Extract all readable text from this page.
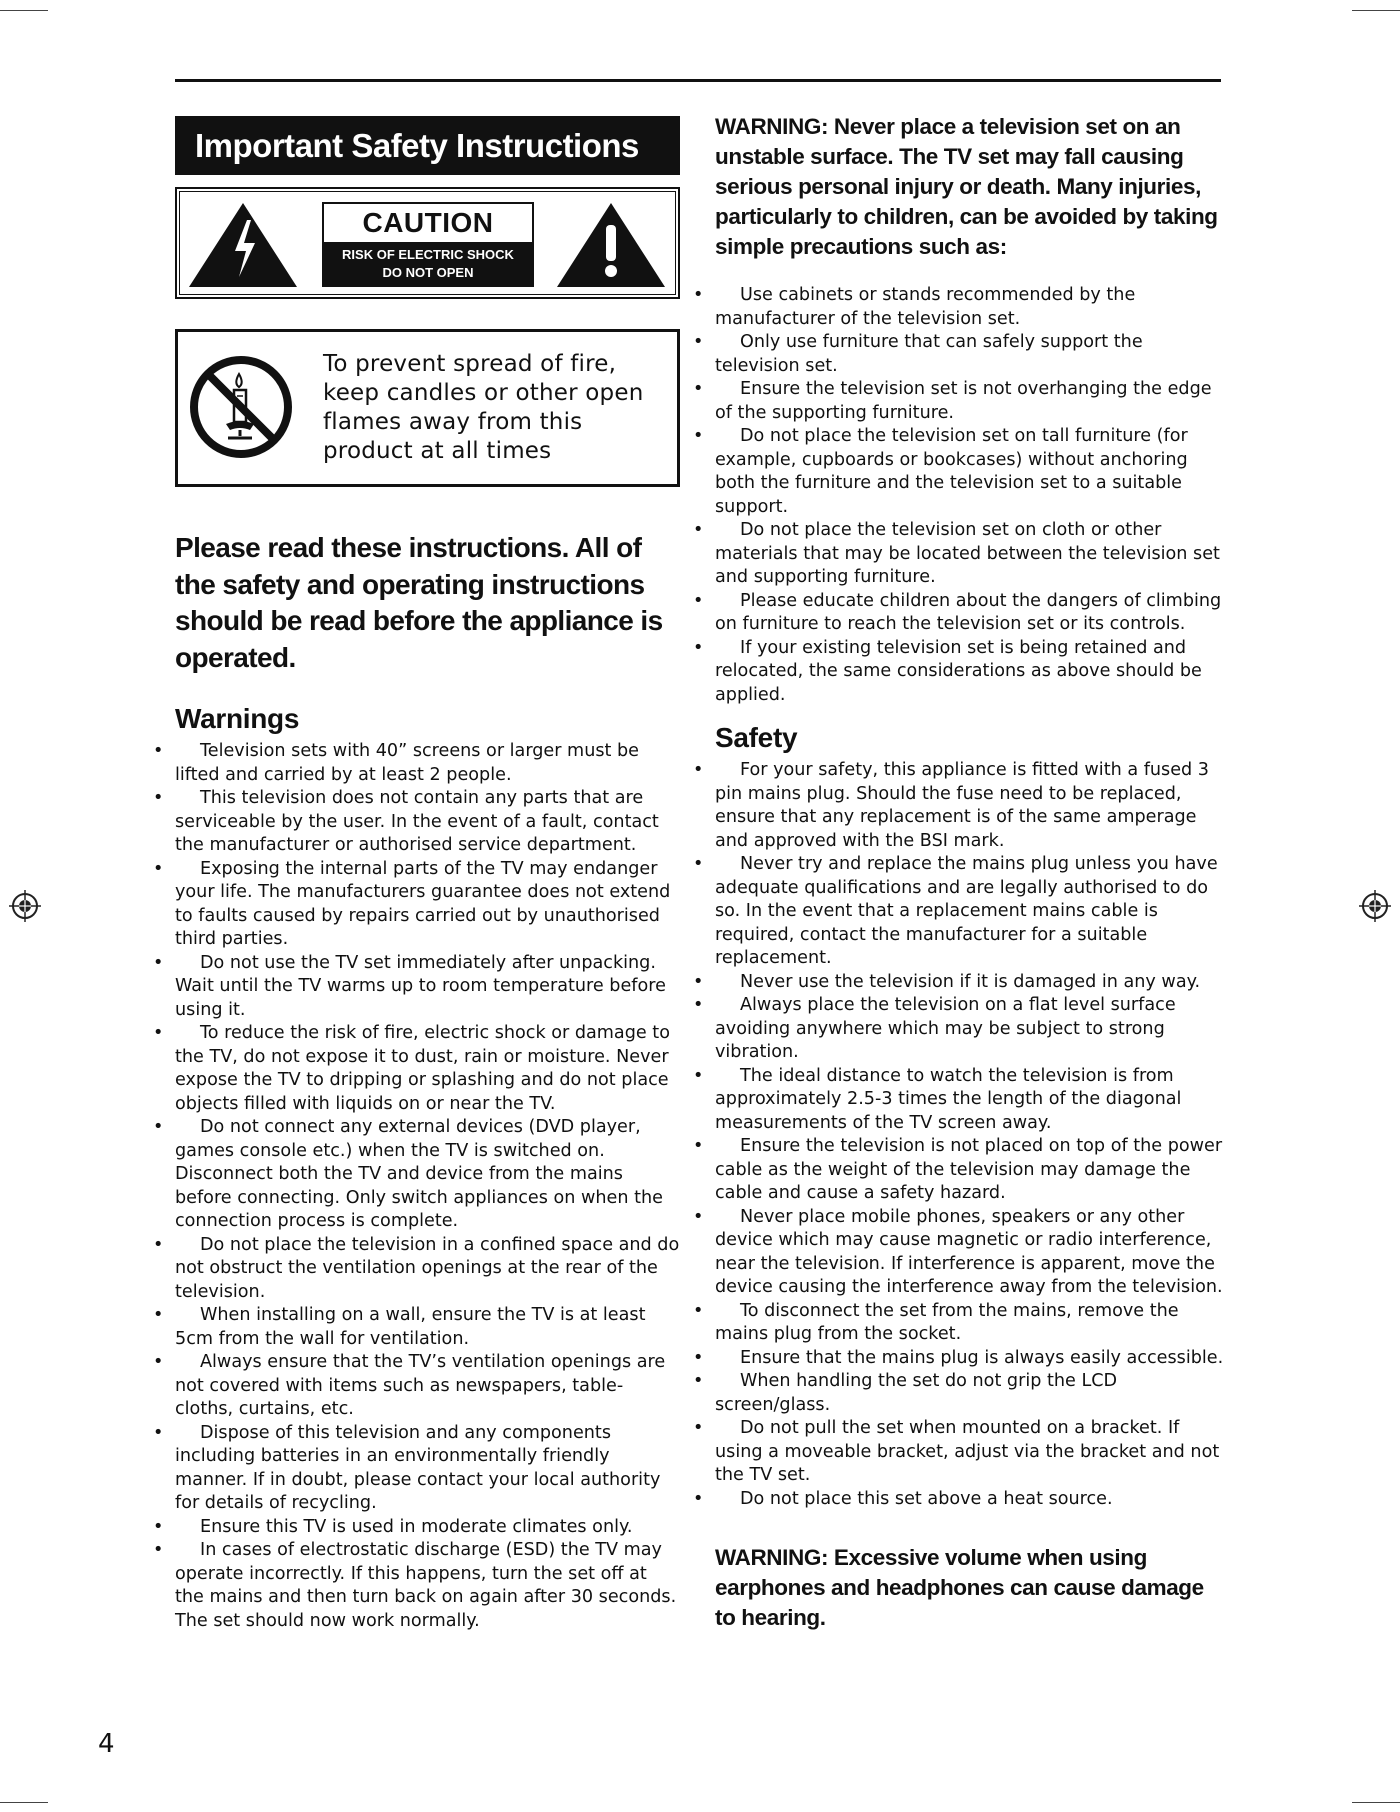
Important Safety Instructions
CAUTION
RISK OF ELECTRIC SHOCK
DO NOT OPEN
To prevent spread of fire, keep candles or other open flames away from this product at all times
Please read these instructions. All of the safety and operating instructions should be read before the appliance is operated.
Warnings
• Television sets with 40” screens or larger must be lifted and carried by at least 2 people.
• This television does not contain any parts that are serviceable by the user. In the event of a fault, contact the manufacturer or authorised service department.
• Exposing the internal parts of the TV may endanger your life. The manufacturers guarantee does not extend to faults caused by repairs carried out by unauthorised third parties.
• Do not use the TV set immediately after unpacking. Wait until the TV warms up to room temperature before using it.
• To reduce the risk of fire, electric shock or damage to the TV, do not expose it to dust, rain or moisture. Never expose the TV to dripping or splashing and do not place objects filled with liquids on or near the TV.
• Do not connect any external devices (DVD player, games console etc.) when the TV is switched on. Disconnect both the TV and device from the mains before connecting. Only switch appliances on when the connection process is complete.
• Do not place the television in a confined space and do not obstruct the ventilation openings at the rear of the television.
• When installing on a wall, ensure the TV is at least 5cm from the wall for ventilation.
• Always ensure that the TV’s ventilation openings are not covered with items such as newspapers, table-cloths, curtains, etc.
• Dispose of this television and any components including batteries in an environmentally friendly manner. If in doubt, please contact your local authority for details of recycling.
• Ensure this TV is used in moderate climates only.
• In cases of electrostatic discharge (ESD) the TV may operate incorrectly. If this happens, turn the set off at the mains and then turn back on again after 30 seconds. The set should now work normally.
WARNING: Never place a television set on an unstable surface. The TV set may fall causing serious personal injury or death. Many injuries, particularly to children, can be avoided by taking simple precautions such as:
• Use cabinets or stands recommended by the manufacturer of the television set.
• Only use furniture that can safely support the television set.
• Ensure the television set is not overhanging the edge of the supporting furniture.
• Do not place the television set on tall furniture (for example, cupboards or bookcases) without anchoring both the furniture and the television set to a suitable support.
• Do not place the television set on cloth or other materials that may be located between the television set and supporting furniture.
• Please educate children about the dangers of climbing on furniture to reach the television set or its controls.
• If your existing television set is being retained and relocated, the same considerations as above should be applied.
Safety
• For your safety, this appliance is fitted with a fused 3 pin mains plug. Should the fuse need to be replaced, ensure that any replacement is of the same amperage and approved with the BSI mark.
• Never try and replace the mains plug unless you have adequate qualifications and are legally authorised to do so. In the event that a replacement mains cable is required, contact the manufacturer for a suitable replacement.
• Never use the television if it is damaged in any way.
• Always place the television on a flat level surface avoiding anywhere which may be subject to strong vibration.
• The ideal distance to watch the television is from approximately 2.5-3 times the length of the diagonal measurements of the TV screen away.
• Ensure the television is not placed on top of the power cable as the weight of the television may damage the cable and cause a safety hazard.
• Never place mobile phones, speakers or any other device which may cause magnetic or radio interference, near the television. If interference is apparent, move the device causing the interference away from the television.
• To disconnect the set from the mains, remove the mains plug from the socket.
• Ensure that the mains plug is always easily accessible.
• When handling the set do not grip the LCD screen/glass.
• Do not pull the set when mounted on a bracket. If using a moveable bracket, adjust via the bracket and not the TV set.
• Do not place this set above a heat source.
WARNING: Excessive volume when using earphones and headphones can cause damage to hearing.
4
